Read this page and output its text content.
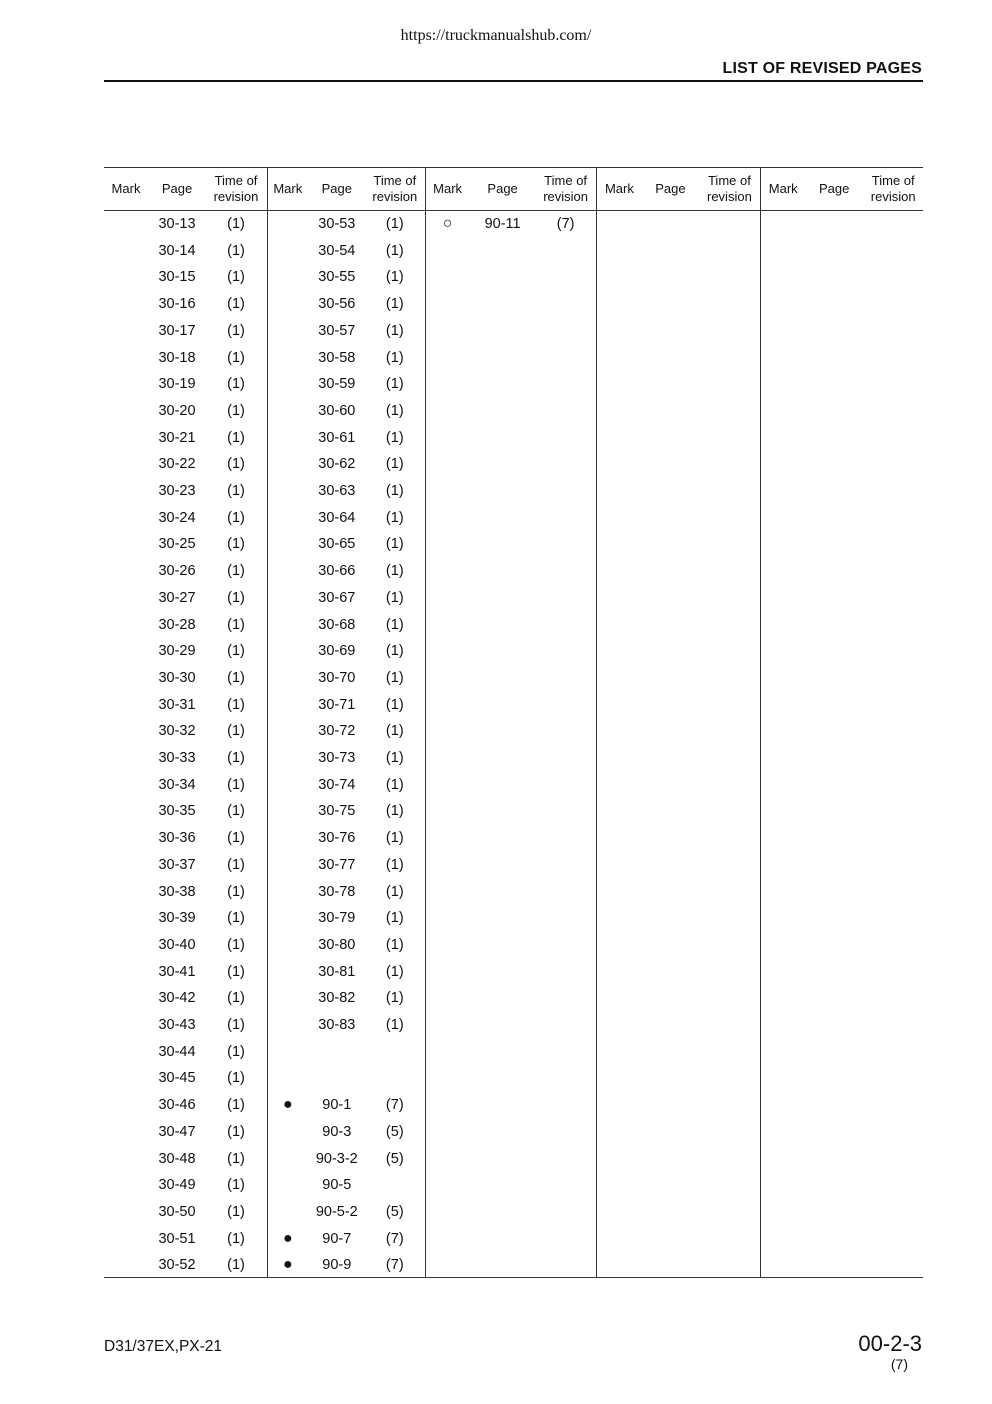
https://truckmanualshub.com/
LIST OF REVISED PAGES
Mark Page
Time of
revision
Mark Page
Time of
revision
Mark Page
Time of
revision
Mark Page
Time of
revision
Mark Page
Time of
revision
30-13 (1)
30-14 (1)
30-15 (1)
30-16 (1)
30-17 (1)
30-18 (1)
30-19 (1)
30-20 (1)
30-21 (1)
30-22 (1)
30-23 (1)
30-24 (1)
30-25 (1)
30-26 (1)
30-27 (1)
30-28 (1)
30-29 (1)
30-30 (1)
30-31 (1)
30-32 (1)
30-33 (1)
30-34 (1)
30-35 (1)
30-36 (1)
30-37 (1)
30-38 (1)
30-39 (1)
30-40 (1)
30-41 (1)
30-42 (1)
30-43 (1)
30-44 (1)
30-45 (1)
30-46 (1)
30-47 (1)
30-48 (1)
30-49 (1)
30-50 (1)
30-51 (1)
30-52 (1)
30-53 (1)
30-54 (1)
30-55 (1)
30-56 (1)
30-57 (1)
30-58 (1)
30-59 (1)
30-60 (1)
30-61 (1)
30-62 (1)
30-63 (1)
30-64 (1)
30-65 (1)
30-66 (1)
30-67 (1)
30-68 (1)
30-69 (1)
30-70 (1)
30-71 (1)
30-72 (1)
30-73 (1)
30-74 (1)
30-75 (1)
30-76 (1)
30-77 (1)
30-78 (1)
30-79 (1)
30-80 (1)
30-81 (1)
30-82 (1)
30-83 (1)
● 90-1 (7)
90-3 (5)
90-3-2 (5)
90-5
90-5-2 (5)
● 90-7 (7)
● 90-9 (7)
○ 90-11 (7)
D31/37EX,PX-21	00-2-3
(7)
